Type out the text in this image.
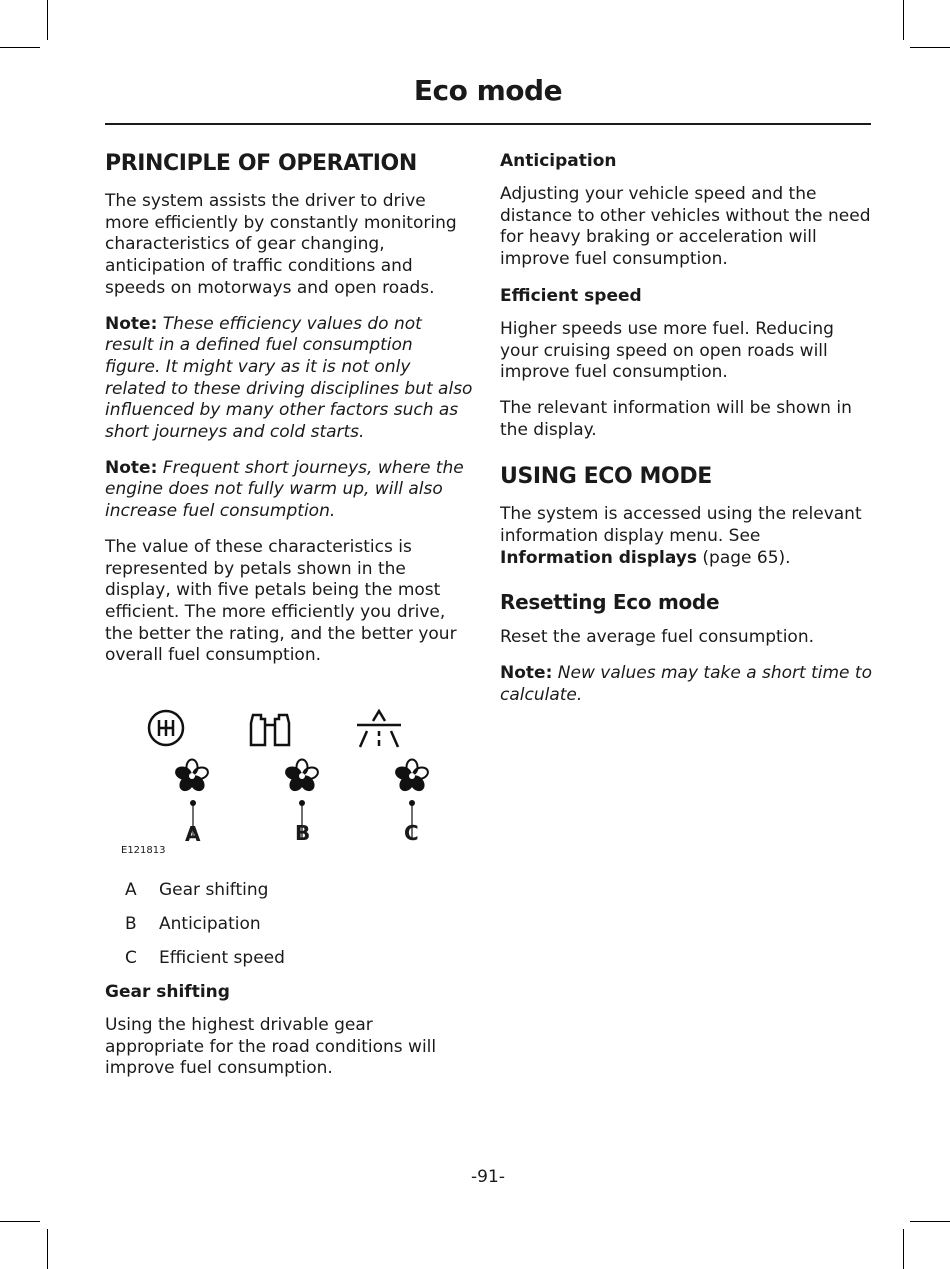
Eco mode
PRINCIPLE OF OPERATION

The system assists the driver to drive more efficiently by constantly monitoring characteristics of gear changing, anticipation of traffic conditions and speeds on motorways and open roads.

Note: These efficiency values do not result in a defined fuel consumption figure. It might vary as it is not only related to these driving disciplines but also influenced by many other factors such as short journeys and cold starts.

Note: Frequent short journeys, where the engine does not fully warm up, will also increase fuel consumption.

The value of these characteristics is represented by petals shown in the display, with five petals being the most efficient. The more efficiently you drive, the better the rating, and the better your overall fuel consumption.

A	B	C
E121813
A	Gear shifting
B	Anticipation
C	Efficient speed
Gear shifting

Using the highest drivable gear appropriate for the road conditions will improve fuel consumption.

Anticipation

Adjusting your vehicle speed and the distance to other vehicles without the need for heavy braking or acceleration will improve fuel consumption.

Efficient speed

Higher speeds use more fuel. Reducing your cruising speed on open roads will improve fuel consumption.

The relevant information will be shown in the display.

USING ECO MODE

The system is accessed using the relevant information display menu. See Information displays (page 65).

Resetting Eco mode

Reset the average fuel consumption.

Note: New values may take a short time to calculate.

-91-
